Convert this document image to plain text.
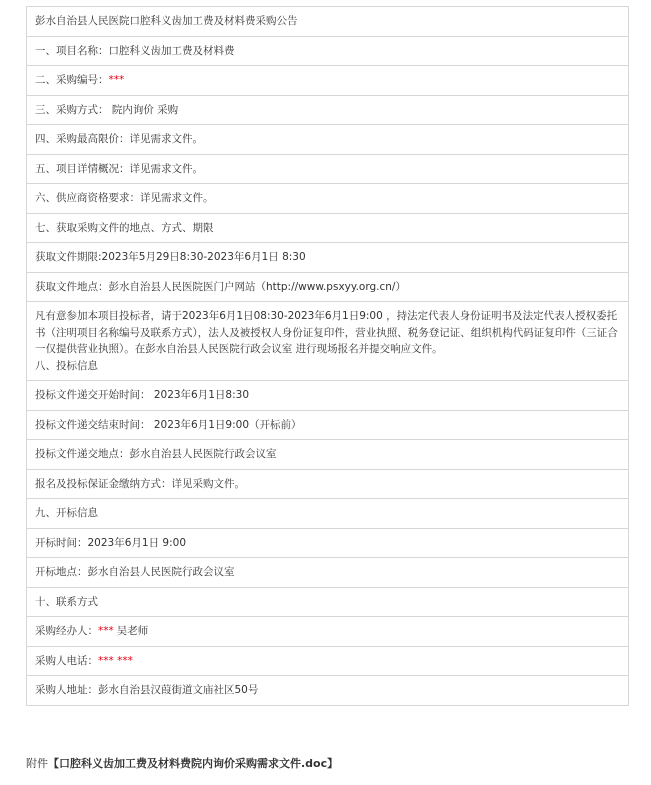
彭水自治县人民医院口腔科义齿加工费及材料费采购公告
一、项目名称：口腔科义齿加工费及材料费
二、采购编号：***
三、采购方式： 院内询价 采购
四、采购最高限价：详见需求文件。
五、项目详情概况：详见需求文件。
六、供应商资格要求：详见需求文件。
七、获取采购文件的地点、方式、期限
获取文件期限:2023年5月29日8:30-2023年6月1日 8:30
获取文件地点：彭水自治县人民医院医门户网站（http://www.psxyy.org.cn/）

凡有意参加本项目投标者，请于2023年6月1日08:30-2023年6月1日9:00 ，持法定代表人身份证明书及法定代表人授权委托书（注明项目名称编号及联系方式），法人及被授权人身份证复印件，营业执照、税务登记证、组织机构代码证复印件（三证合一仅提供营业执照）。在彭水自治县人民医院行政会议室 进行现场报名并提交响应文件。
八、投标信息

投标文件递交开始时间： 2023年6月1日8:30
投标文件递交结束时间： 2023年6月1日9:00（开标前）
投标文件递交地点：彭水自治县人民医院行政会议室
报名及投标保证金缴纳方式：详见采购文件。
九、开标信息
开标时间：2023年6月1日 9:00
开标地点：彭水自治县人民医院行政会议室
十、联系方式
采购经办人：*** 吴老师
采购人电话：*** ***
采购人地址：彭水自治县汉葭街道文庙社区50号
附件【口腔科义齿加工费及材料费院内询价采购需求文件.doc】
